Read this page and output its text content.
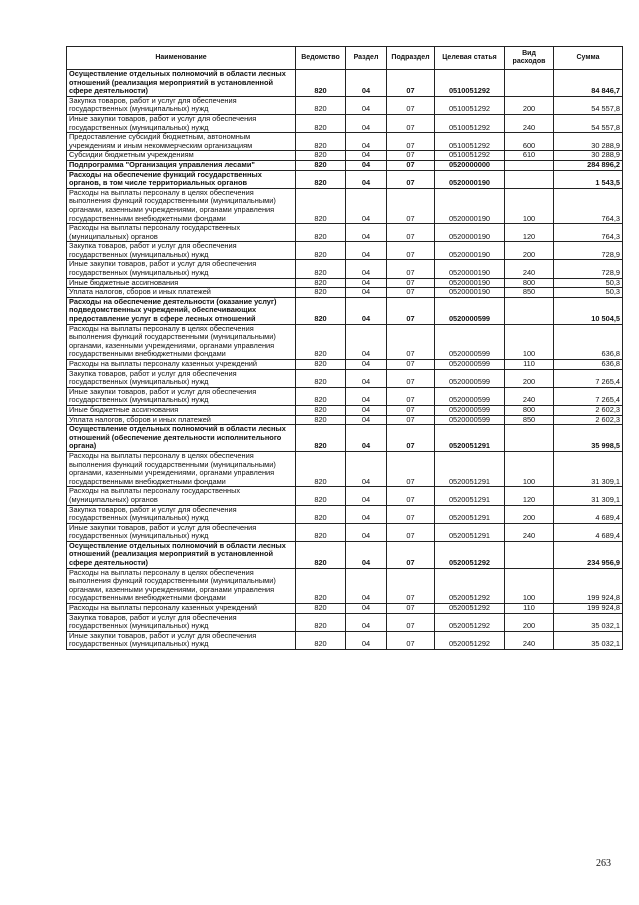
Наименование	Ведомство	Раздел	Подраздел	Целевая статья	Вид расходов	Сумма
Осуществление отдельных полномочий в области лесных отношений (реализация мероприятий в установленной сфере деятельности)	820	04	07	0510051292		84 846,7
Закупка товаров, работ и услуг для обеспечения государственных (муниципальных) нужд	820	04	07	0510051292	200	54 557,8
Иные закупки товаров, работ и услуг для обеспечения государственных (муниципальных) нужд	820	04	07	0510051292	240	54 557,8
Предоставление субсидий бюджетным, автономным учреждениям и иным некоммерческим организациям	820	04	07	0510051292	600	30 288,9
Субсидии бюджетным учреждениям	820	04	07	0510051292	610	30 288,9
Подпрограмма "Организация управления лесами"	820	04	07	0520000000		284 896,2
Расходы на обеспечение функций государственных органов, в том числе территориальных органов	820	04	07	0520000190		1 543,5
Расходы на выплаты персоналу в целях обеспечения выполнения функций государственными (муниципальными) органами, казенными учреждениями, органами управления государственными внебюджетными фондами	820	04	07	0520000190	100	764,3
Расходы на выплаты персоналу государственных (муниципальных) органов	820	04	07	0520000190	120	764,3
Закупка товаров, работ и услуг для обеспечения государственных (муниципальных) нужд	820	04	07	0520000190	200	728,9
Иные закупки товаров, работ и услуг для обеспечения государственных (муниципальных) нужд	820	04	07	0520000190	240	728,9
Иные бюджетные ассигнования	820	04	07	0520000190	800	50,3
Уплата налогов, сборов и иных платежей	820	04	07	0520000190	850	50,3
Расходы на обеспечение деятельности (оказание услуг) подведомственных учреждений, обеспечивающих предоставление услуг в сфере лесных отношений	820	04	07	0520000599		10 504,5
Расходы на выплаты персоналу в целях обеспечения выполнения функций государственными (муниципальными) органами, казенными учреждениями, органами управления государственными внебюджетными фондами	820	04	07	0520000599	100	636,8
Расходы на выплаты персоналу казенных учреждений	820	04	07	0520000599	110	636,8
Закупка товаров, работ и услуг для обеспечения государственных (муниципальных) нужд	820	04	07	0520000599	200	7 265,4
Иные закупки товаров, работ и услуг для обеспечения государственных (муниципальных) нужд	820	04	07	0520000599	240	7 265,4
Иные бюджетные ассигнования	820	04	07	0520000599	800	2 602,3
Уплата налогов, сборов и иных платежей	820	04	07	0520000599	850	2 602,3
Осуществление отдельных полномочий в области лесных отношений (обеспечение деятельности исполнительного органа)	820	04	07	0520051291		35 998,5
Расходы на выплаты персоналу в целях обеспечения выполнения функций государственными (муниципальными) органами, казенными учреждениями, органами управления государственными внебюджетными фондами	820	04	07	0520051291	100	31 309,1
Расходы на выплаты персоналу государственных (муниципальных) органов	820	04	07	0520051291	120	31 309,1
Закупка товаров, работ и услуг для обеспечения государственных (муниципальных) нужд	820	04	07	0520051291	200	4 689,4
Иные закупки товаров, работ и услуг для обеспечения государственных (муниципальных) нужд	820	04	07	0520051291	240	4 689,4
Осуществление отдельных полномочий в области лесных отношений (реализация мероприятий в установленной сфере деятельности)	820	04	07	0520051292		234 956,9
Расходы на выплаты персоналу в целях обеспечения выполнения функций государственными (муниципальными) органами, казенными учреждениями, органами управления государственными внебюджетными фондами	820	04	07	0520051292	100	199 924,8
Расходы на выплаты персоналу казенных учреждений	820	04	07	0520051292	110	199 924,8
Закупка товаров, работ и услуг для обеспечения государственных (муниципальных) нужд	820	04	07	0520051292	200	35 032,1
Иные закупки товаров, работ и услуг для обеспечения государственных (муниципальных) нужд	820	04	07	0520051292	240	35 032,1
263
